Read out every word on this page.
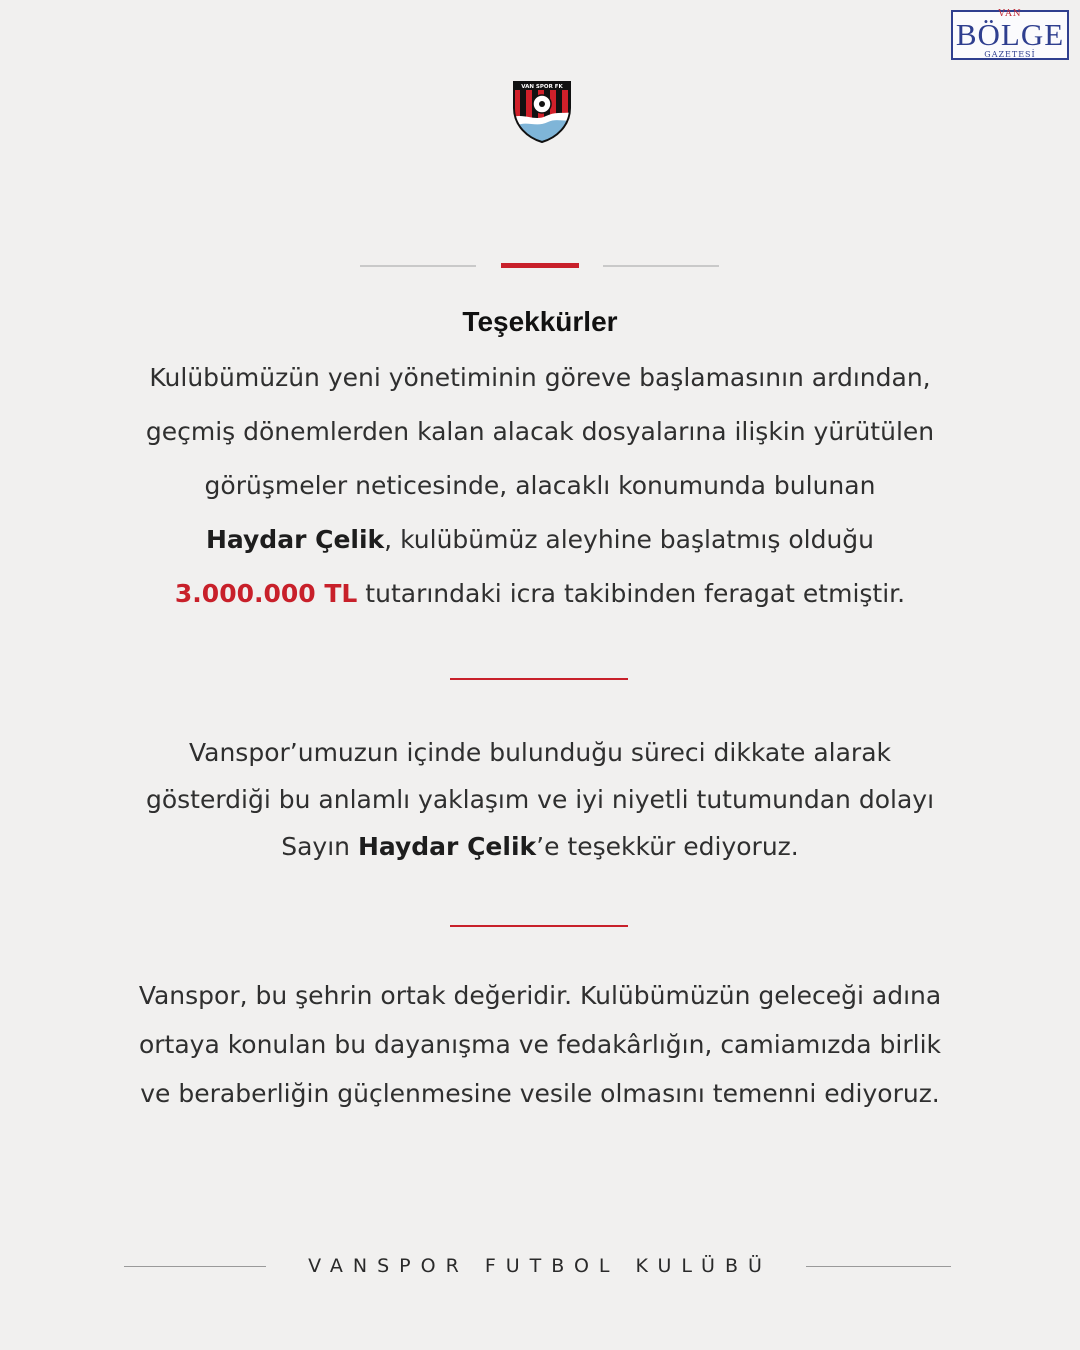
VAN
BÖLGE
GAZETESİ
VAN SPOR FK
Teşekkürler
Kulübümüzün yeni yönetiminin göreve başlamasının ardından,
geçmiş dönemlerden kalan alacak dosyalarına ilişkin yürütülen
görüşmeler neticesinde, alacaklı konumunda bulunan
Haydar Çelik, kulübümüz aleyhine başlatmış olduğu
3.000.000 TL tutarındaki icra takibinden feragat etmiştir.
Vanspor’umuzun içinde bulunduğu süreci dikkate alarak
gösterdiği bu anlamlı yaklaşım ve iyi niyetli tutumundan dolayı
Sayın Haydar Çelik’e teşekkür ediyoruz.
Vanspor, bu şehrin ortak değeridir. Kulübümüzün geleceği adına
ortaya konulan bu dayanışma ve fedakârlığın, camiamızda birlik
ve beraberliğin güçlenmesine vesile olmasını temenni ediyoruz.
VANSPOR FUTBOL KULÜBÜ
